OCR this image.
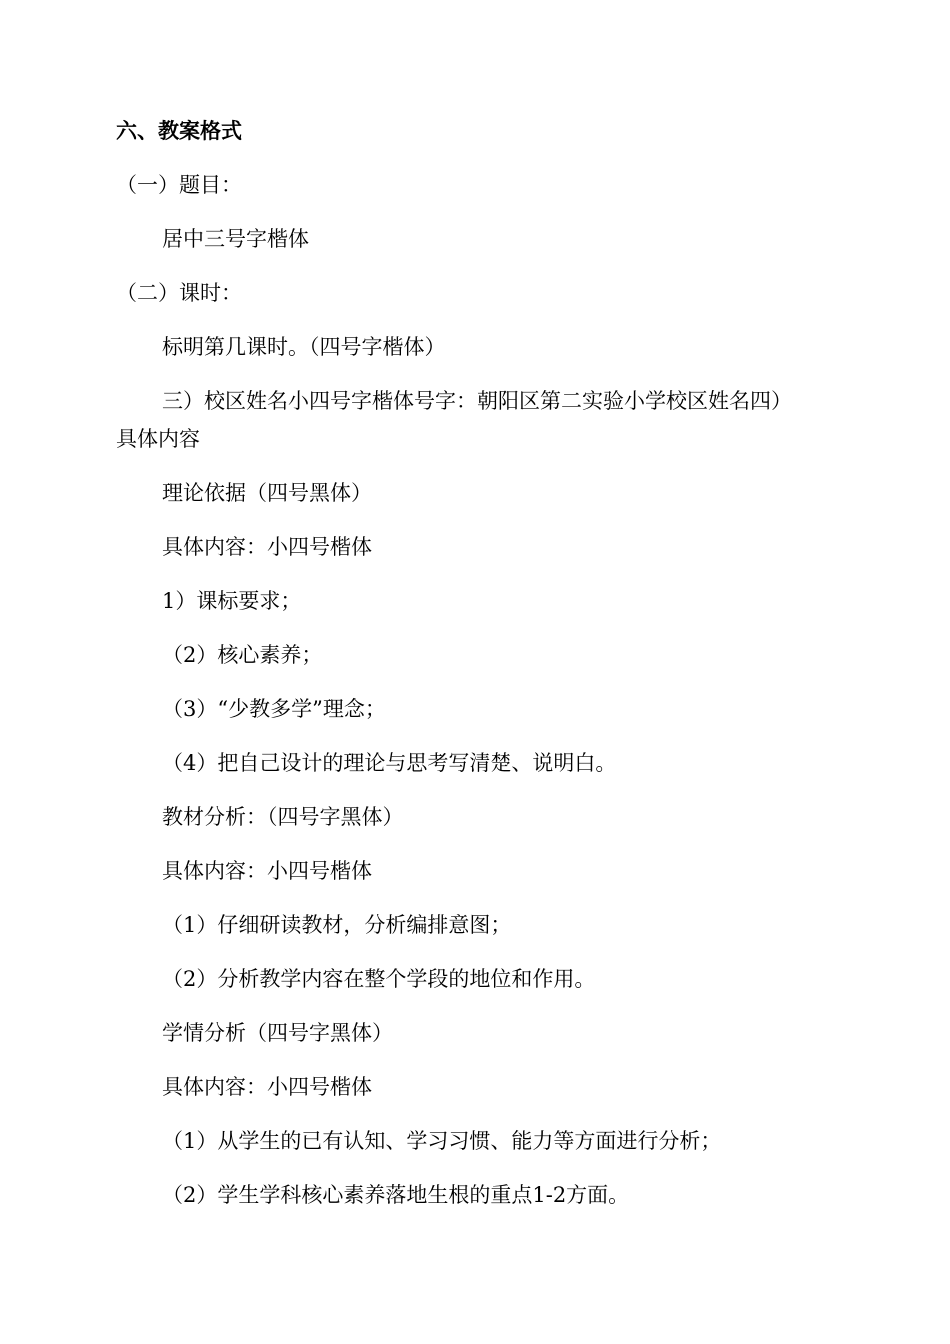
六、教案格式

（一）题目：

居中三号字楷体

（二）课时：

标明第几课时。（四号字楷体）

三）校区姓名小四号字楷体号字：朝阳区第二实验小学校区姓名四）

具体内容

理论依据（四号黑体）

具体内容：小四号楷体

1）课标要求；

（2）核心素养；

（3）“少教多学”理念；

（4）把自己设计的理论与思考写清楚、说明白。

教材分析：（四号字黑体）

具体内容：小四号楷体

（1）仔细研读教材，分析编排意图；

（2）分析教学内容在整个学段的地位和作用。

学情分析（四号字黑体）

具体内容：小四号楷体

（1）从学生的已有认知、学习习惯、能力等方面进行分析；

（2）学生学科核心素养落地生根的重点1-2方面。
